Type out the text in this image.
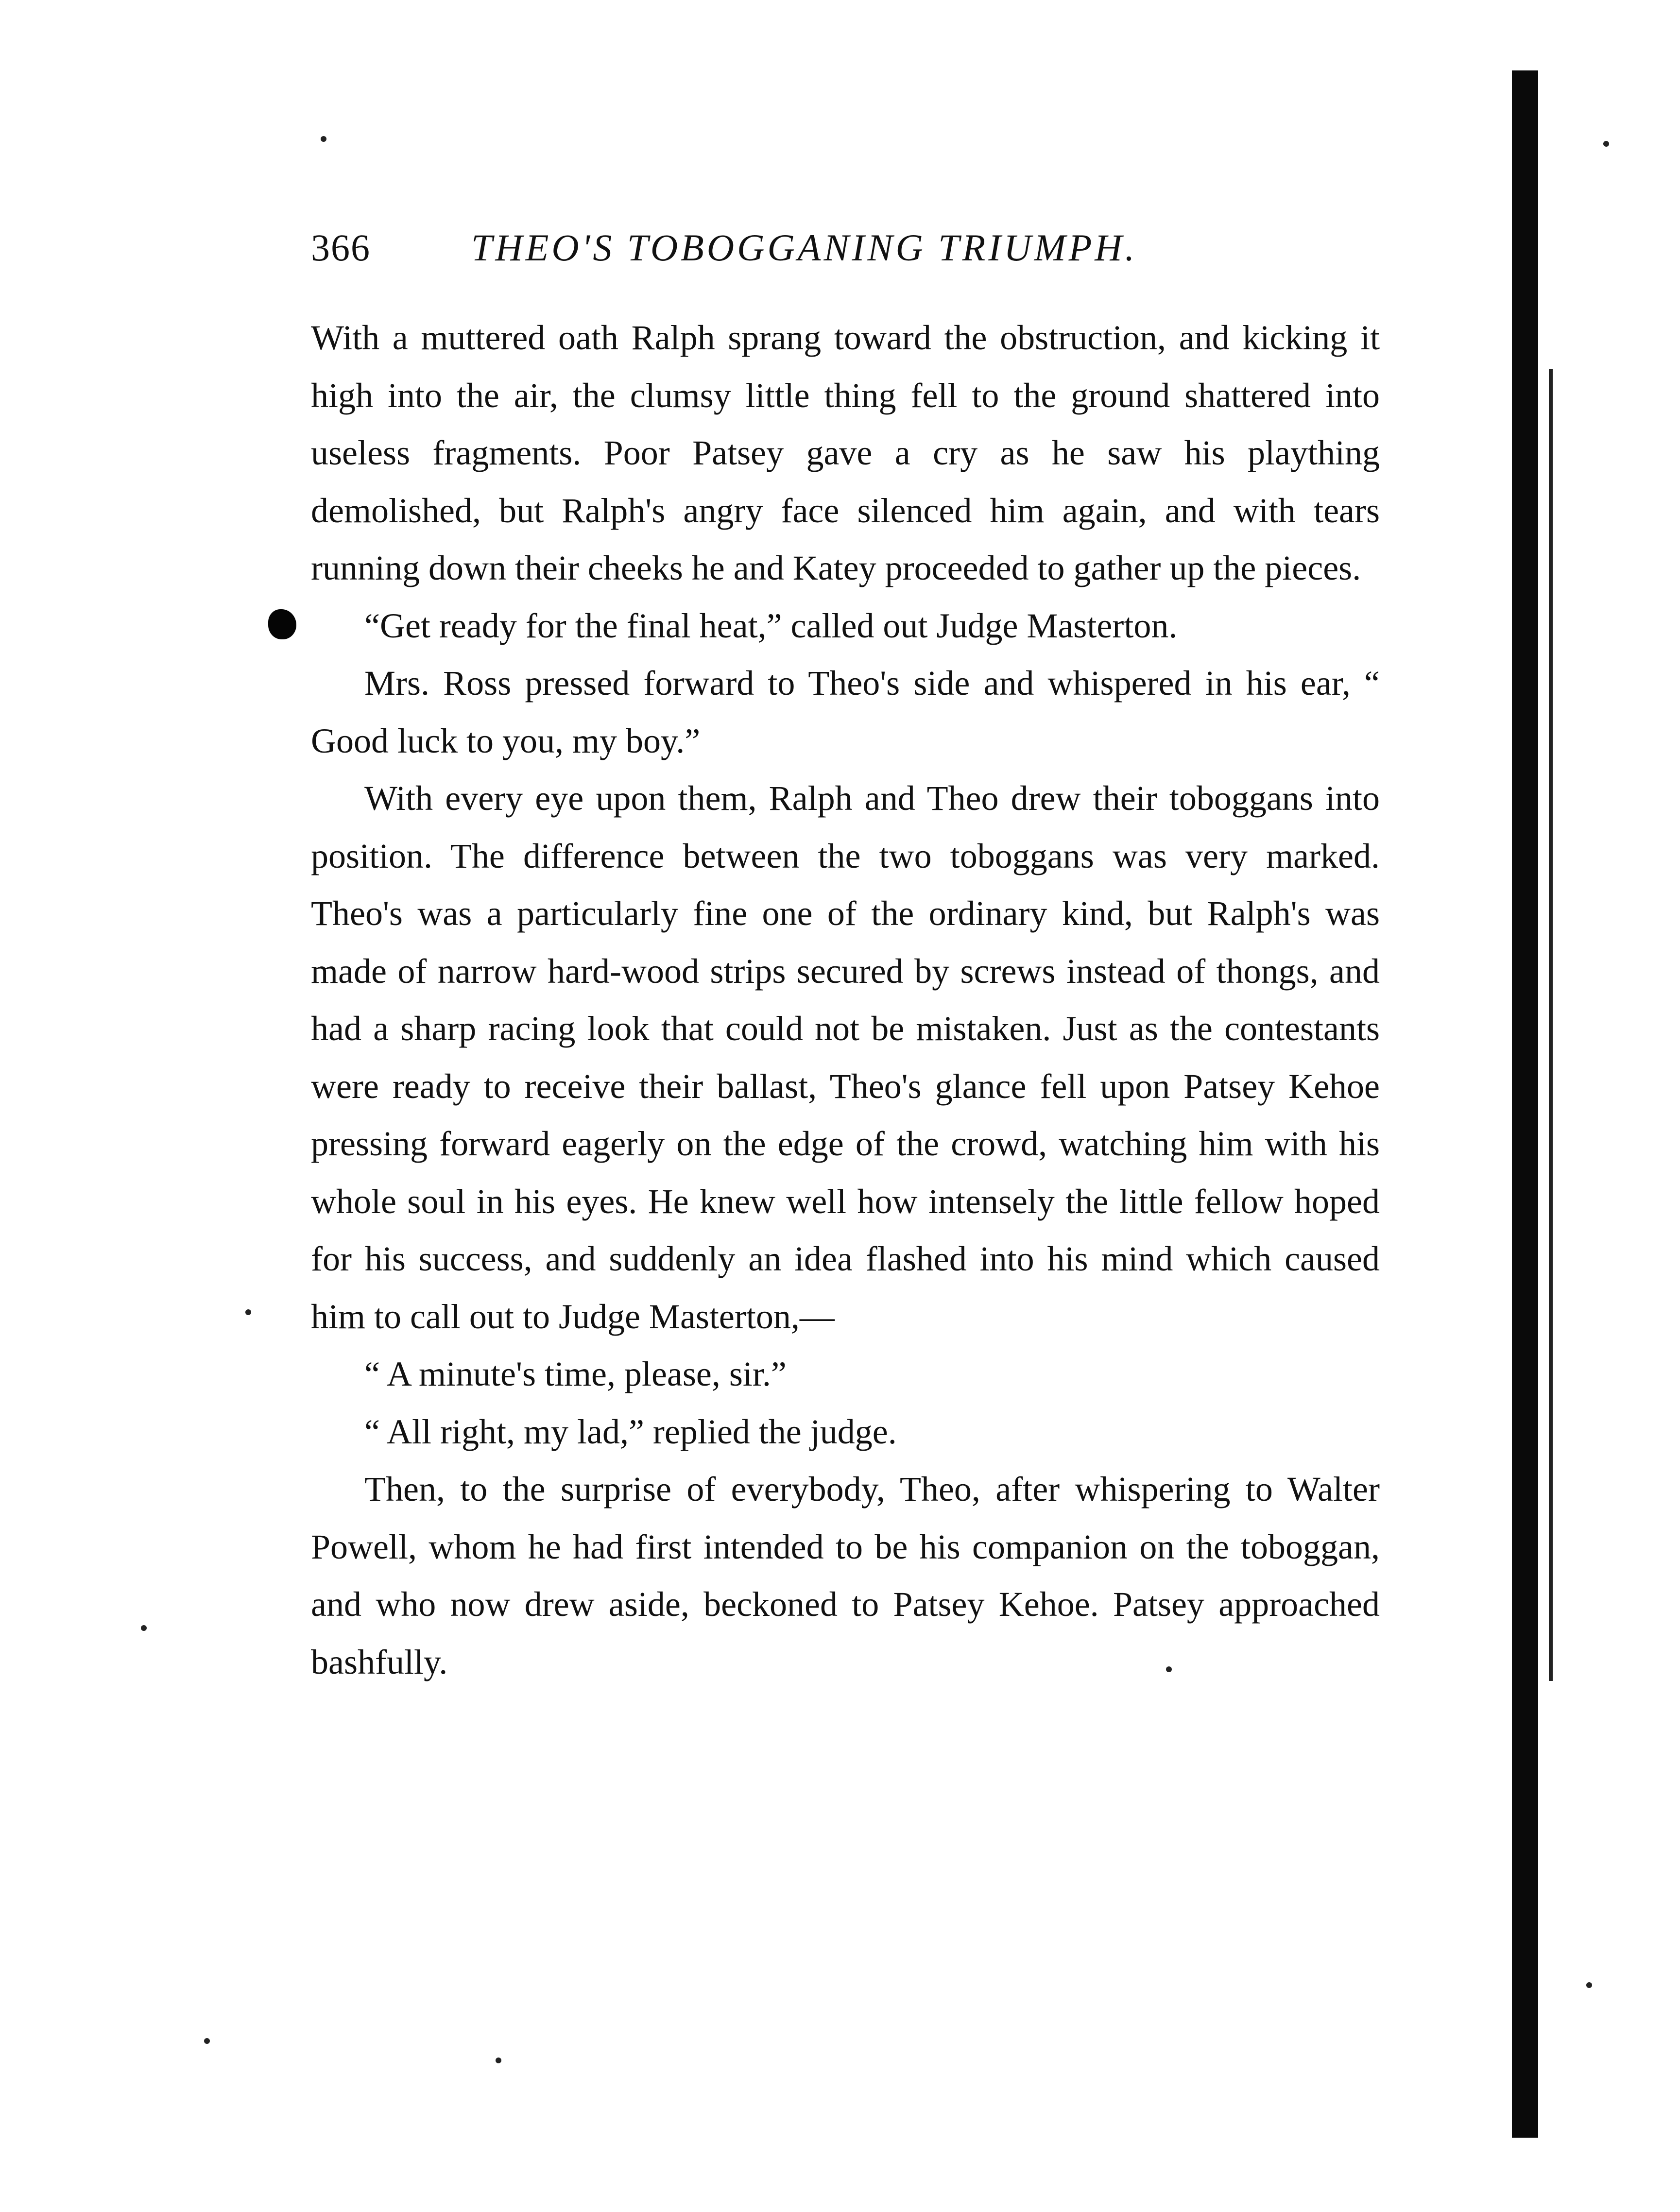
366	THEO'S TOBOGGANING TRIUMPH.

With a muttered oath Ralph sprang toward the obstruction, and kicking it high into the air, the clumsy little thing fell to the ground shattered into useless fragments. Poor Patsey gave a cry as he saw his plaything demolished, but Ralph's angry face silenced him again, and with tears running down their cheeks he and Katey proceeded to gather up the pieces.

“Get ready for the final heat,” called out Judge Masterton.

Mrs. Ross pressed forward to Theo's side and whispered in his ear, “ Good luck to you, my boy.”

With every eye upon them, Ralph and Theo drew their toboggans into position. The difference between the two toboggans was very marked. Theo's was a particularly fine one of the ordinary kind, but Ralph's was made of narrow hard-wood strips secured by screws instead of thongs, and had a sharp racing look that could not be mistaken. Just as the contestants were ready to receive their ballast, Theo's glance fell upon Patsey Kehoe pressing forward eagerly on the edge of the crowd, watching him with his whole soul in his eyes. He knew well how intensely the little fellow hoped for his success, and suddenly an idea flashed into his mind which caused him to call out to Judge Masterton,—

“ A minute's time, please, sir.”

“ All right, my lad,” replied the judge.

Then, to the surprise of everybody, Theo, after whispering to Walter Powell, whom he had first intended to be his companion on the toboggan, and who now drew aside, beckoned to Patsey Kehoe. Patsey approached bashfully.
